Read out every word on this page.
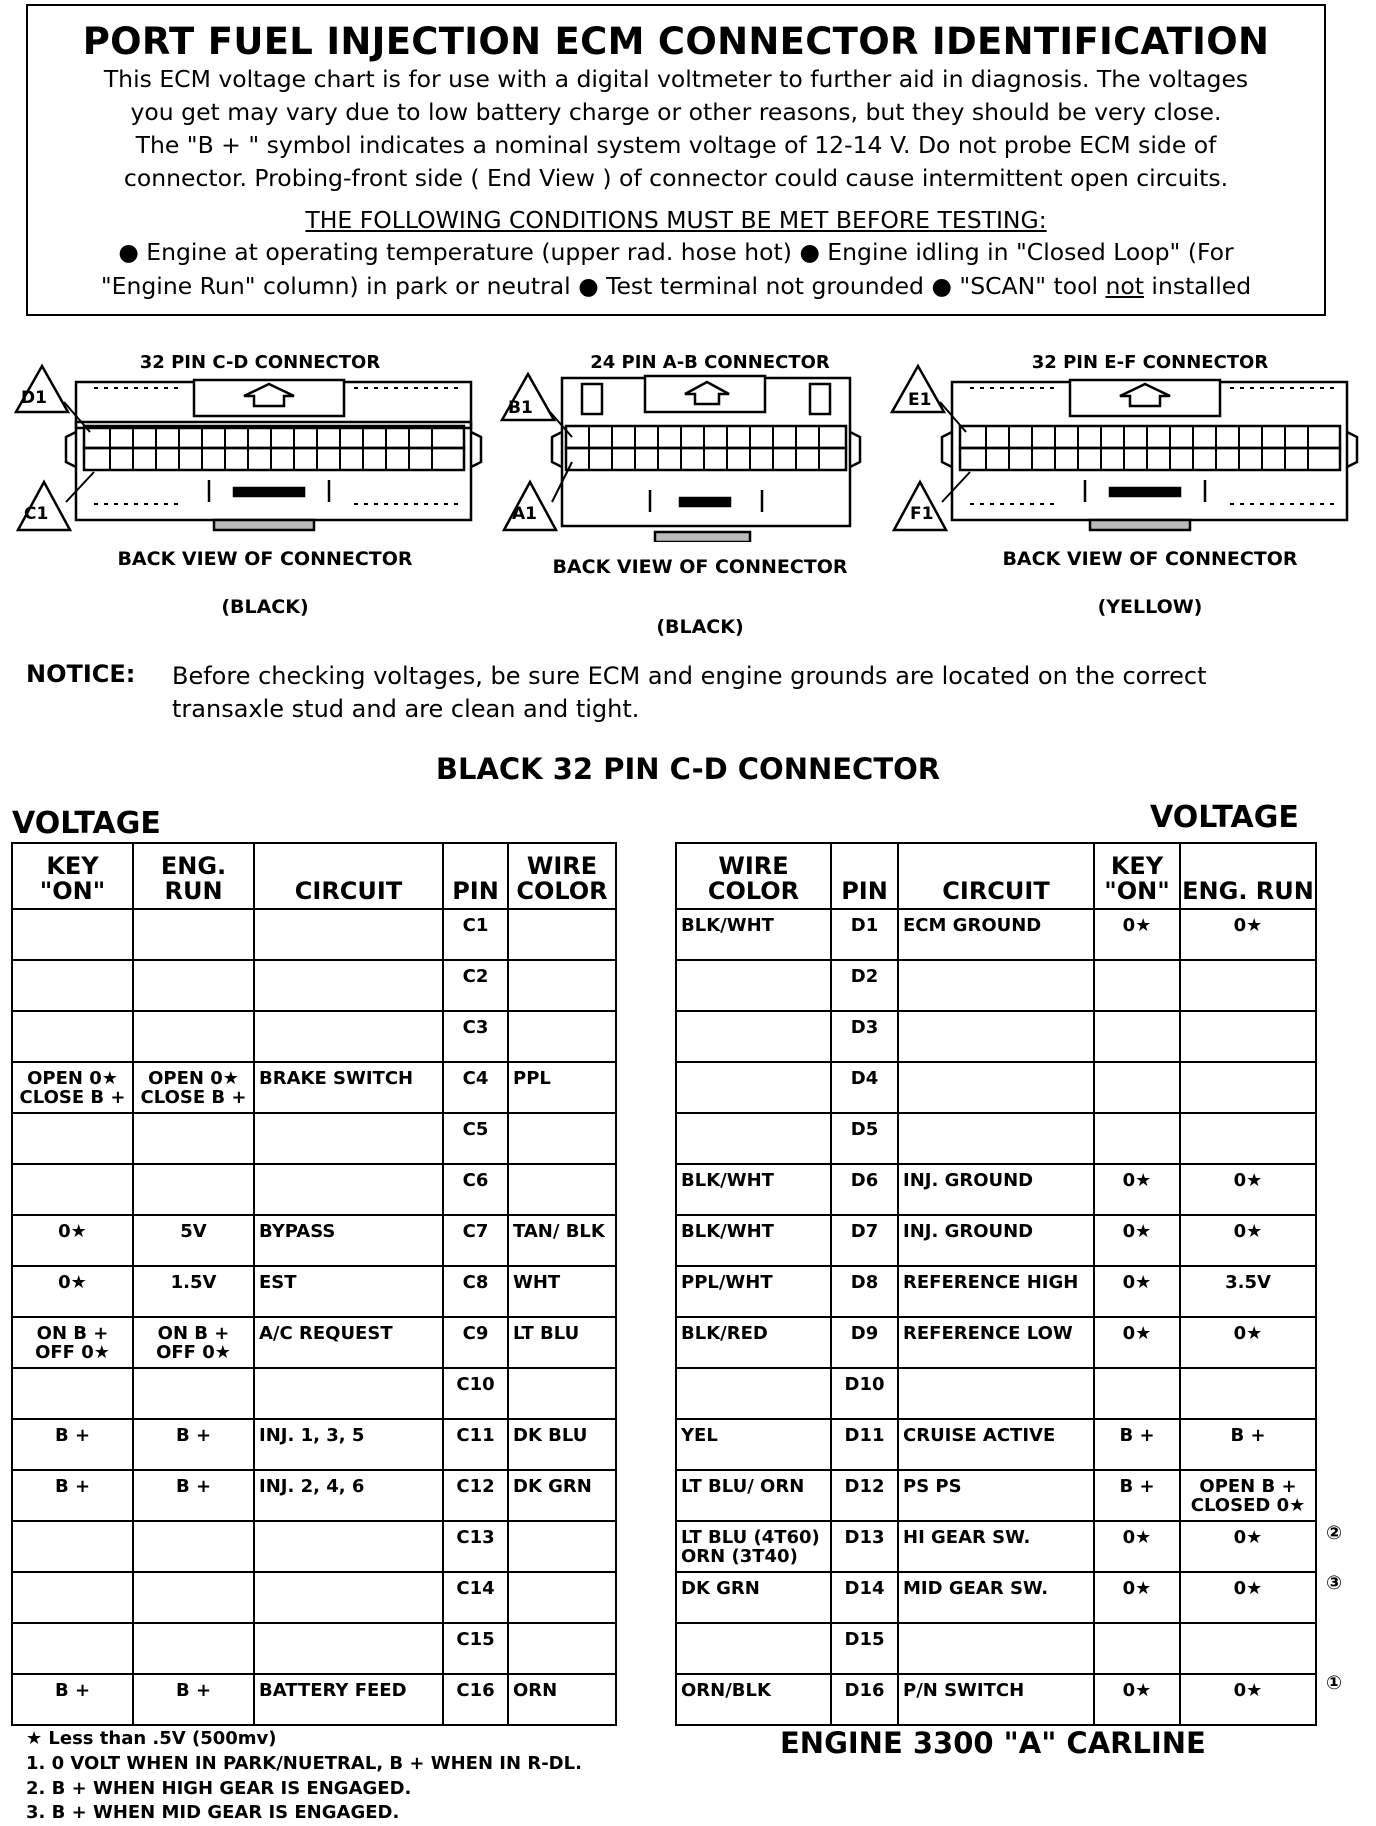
PORT FUEL INJECTION ECM CONNECTOR IDENTIFICATION
This ECM voltage chart is for use with a digital voltmeter to further aid in diagnosis. The voltages
you get may vary due to low battery charge or other reasons, but they should be very close.
The "B + " symbol indicates a nominal system voltage of 12-14 V. Do not probe ECM side of
connector. Probing-front side ( End View ) of connector could cause intermittent open circuits.
THE FOLLOWING CONDITIONS MUST BE MET BEFORE TESTING:
● Engine at operating temperature (upper rad. hose hot) ● Engine idling in "Closed Loop" (For
"Engine Run" column) in park or neutral ● Test terminal not grounded ● "SCAN" tool not installed
32 PIN C-D CONNECTOR
D1
C1
BACK VIEW OF CONNECTOR
(BLACK)
24 PIN A-B CONNECTOR
B1
A1
BACK VIEW OF CONNECTOR
(BLACK)
32 PIN E-F CONNECTOR
E1
F1
BACK VIEW OF CONNECTOR
(YELLOW)
NOTICE: Before checking voltages, be sure ECM and engine grounds are located on the correct
transaxle stud and are clean and tight.
BLACK 32 PIN C-D CONNECTOR
VOLTAGE	VOLTAGE
KEY "ON"	ENG. RUN	CIRCUIT	PIN	WIRE COLOR
			C1	
			C2	
			C3	
OPEN 0★ CLOSE B +	OPEN 0★ CLOSE B +	BRAKE SWITCH	C4	PPL
			C5	
			C6	
0★	5V	BYPASS	C7	TAN/ BLK
0★	1.5V	EST	C8	WHT
ON B + OFF 0★	ON B + OFF 0★	A/C REQUEST	C9	LT BLU
			C10	
B +	B +	INJ. 1, 3, 5	C11	DK BLU
B +	B +	INJ. 2, 4, 6	C12	DK GRN
			C13	
			C14	
			C15	
B +	B +	BATTERY FEED	C16	ORN
WIRE COLOR	PIN	CIRCUIT	KEY "ON"	ENG. RUN
BLK/WHT	D1	ECM GROUND	0★	0★
	D2			
	D3			
	D4			
	D5			
BLK/WHT	D6	INJ. GROUND	0★	0★
BLK/WHT	D7	INJ. GROUND	0★	0★
PPL/WHT	D8	REFERENCE HIGH	0★	3.5V
BLK/RED	D9	REFERENCE LOW	0★	0★
	D10			
YEL	D11	CRUISE ACTIVE	B +	B +
LT BLU/ ORN	D12	PS PS	B +	OPEN B + CLOSED 0★
LT BLU (4T60) ORN (3T40)	D13	HI GEAR SW.	0★	0★
DK GRN	D14	MID GEAR SW.	0★	0★
	D15			
ORN/BLK	D16	P/N SWITCH	0★	0★
②
③
①
★ Less than .5V (500mv)
1. 0 VOLT WHEN IN PARK/NUETRAL, B + WHEN IN R-DL.
2. B + WHEN HIGH GEAR IS ENGAGED.
3. B + WHEN MID GEAR IS ENGAGED.
ENGINE 3300 "A" CARLINE
